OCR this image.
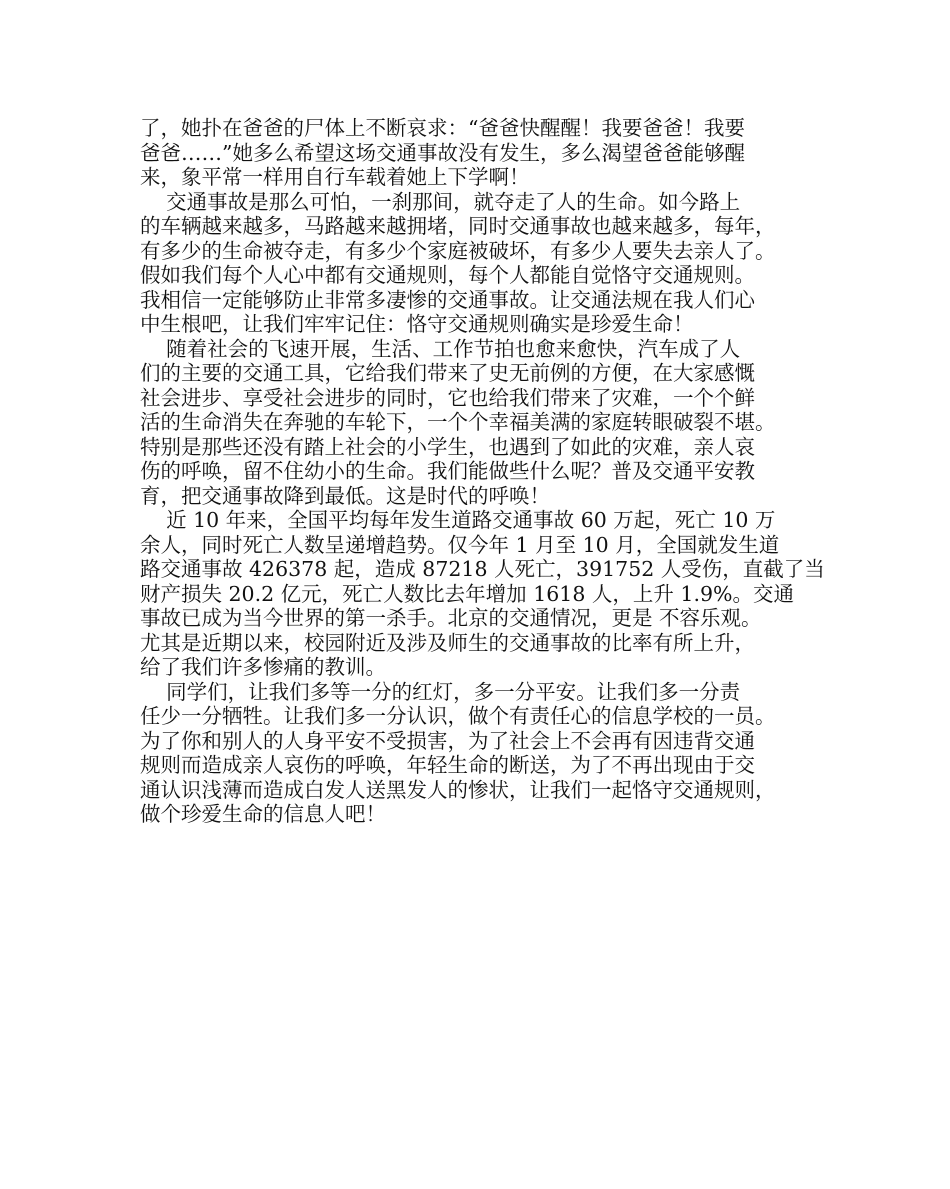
了，她扑在爸爸的尸体上不断哀求：“爸爸快醒醒！我要爸爸！我要
爸爸……”她多么希望这场交通事故没有发生，多么渴望爸爸能够醒
来，象平常一样用自行车载着她上下学啊！
交通事故是那么可怕，一刹那间，就夺走了人的生命。如今路上
的车辆越来越多，马路越来越拥堵，同时交通事故也越来越多，每年，
有多少的生命被夺走，有多少个家庭被破坏，有多少人要失去亲人了。
假如我们每个人心中都有交通规则，每个人都能自觉恪守交通规则。
我相信一定能够防止非常多凄惨的交通事故。让交通法规在我人们心
中生根吧，让我们牢牢记住：恪守交通规则确实是珍爱生命！
随着社会的飞速开展，生活、工作节拍也愈来愈快，汽车成了人
们的主要的交通工具，它给我们带来了史无前例的方便，在大家感慨
社会进步、享受社会进步的同时，它也给我们带来了灾难，一个个鲜
活的生命消失在奔驰的车轮下，一个个幸福美满的家庭转眼破裂不堪。
特别是那些还没有踏上社会的小学生，也遇到了如此的灾难，亲人哀
伤的呼唤，留不住幼小的生命。我们能做些什么呢？普及交通平安教
育，把交通事故降到最低。这是时代的呼唤！
近 10 年来，全国平均每年发生道路交通事故 60 万起，死亡 10 万
余人，同时死亡人数呈递增趋势。仅今年 1 月至 10 月，全国就发生道
路交通事故 426378 起，造成 87218 人死亡，391752 人受伤，直截了当
财产损失 20.2 亿元，死亡人数比去年增加 1618 人，上升 1.9%。交通
事故已成为当今世界的第一杀手。北京的交通情况，更是 不容乐观。
尤其是近期以来，校园附近及涉及师生的交通事故的比率有所上升，
给了我们许多惨痛的教训。
同学们，让我们多等一分的红灯，多一分平安。让我们多一分责
任少一分牺牲。让我们多一分认识，做个有责任心的信息学校的一员。
为了你和别人的人身平安不受损害，为了社会上不会再有因违背交通
规则而造成亲人哀伤的呼唤，年轻生命的断送，为了不再出现由于交
通认识浅薄而造成白发人送黑发人的惨状，让我们一起恪守交通规则，
做个珍爱生命的信息人吧！
